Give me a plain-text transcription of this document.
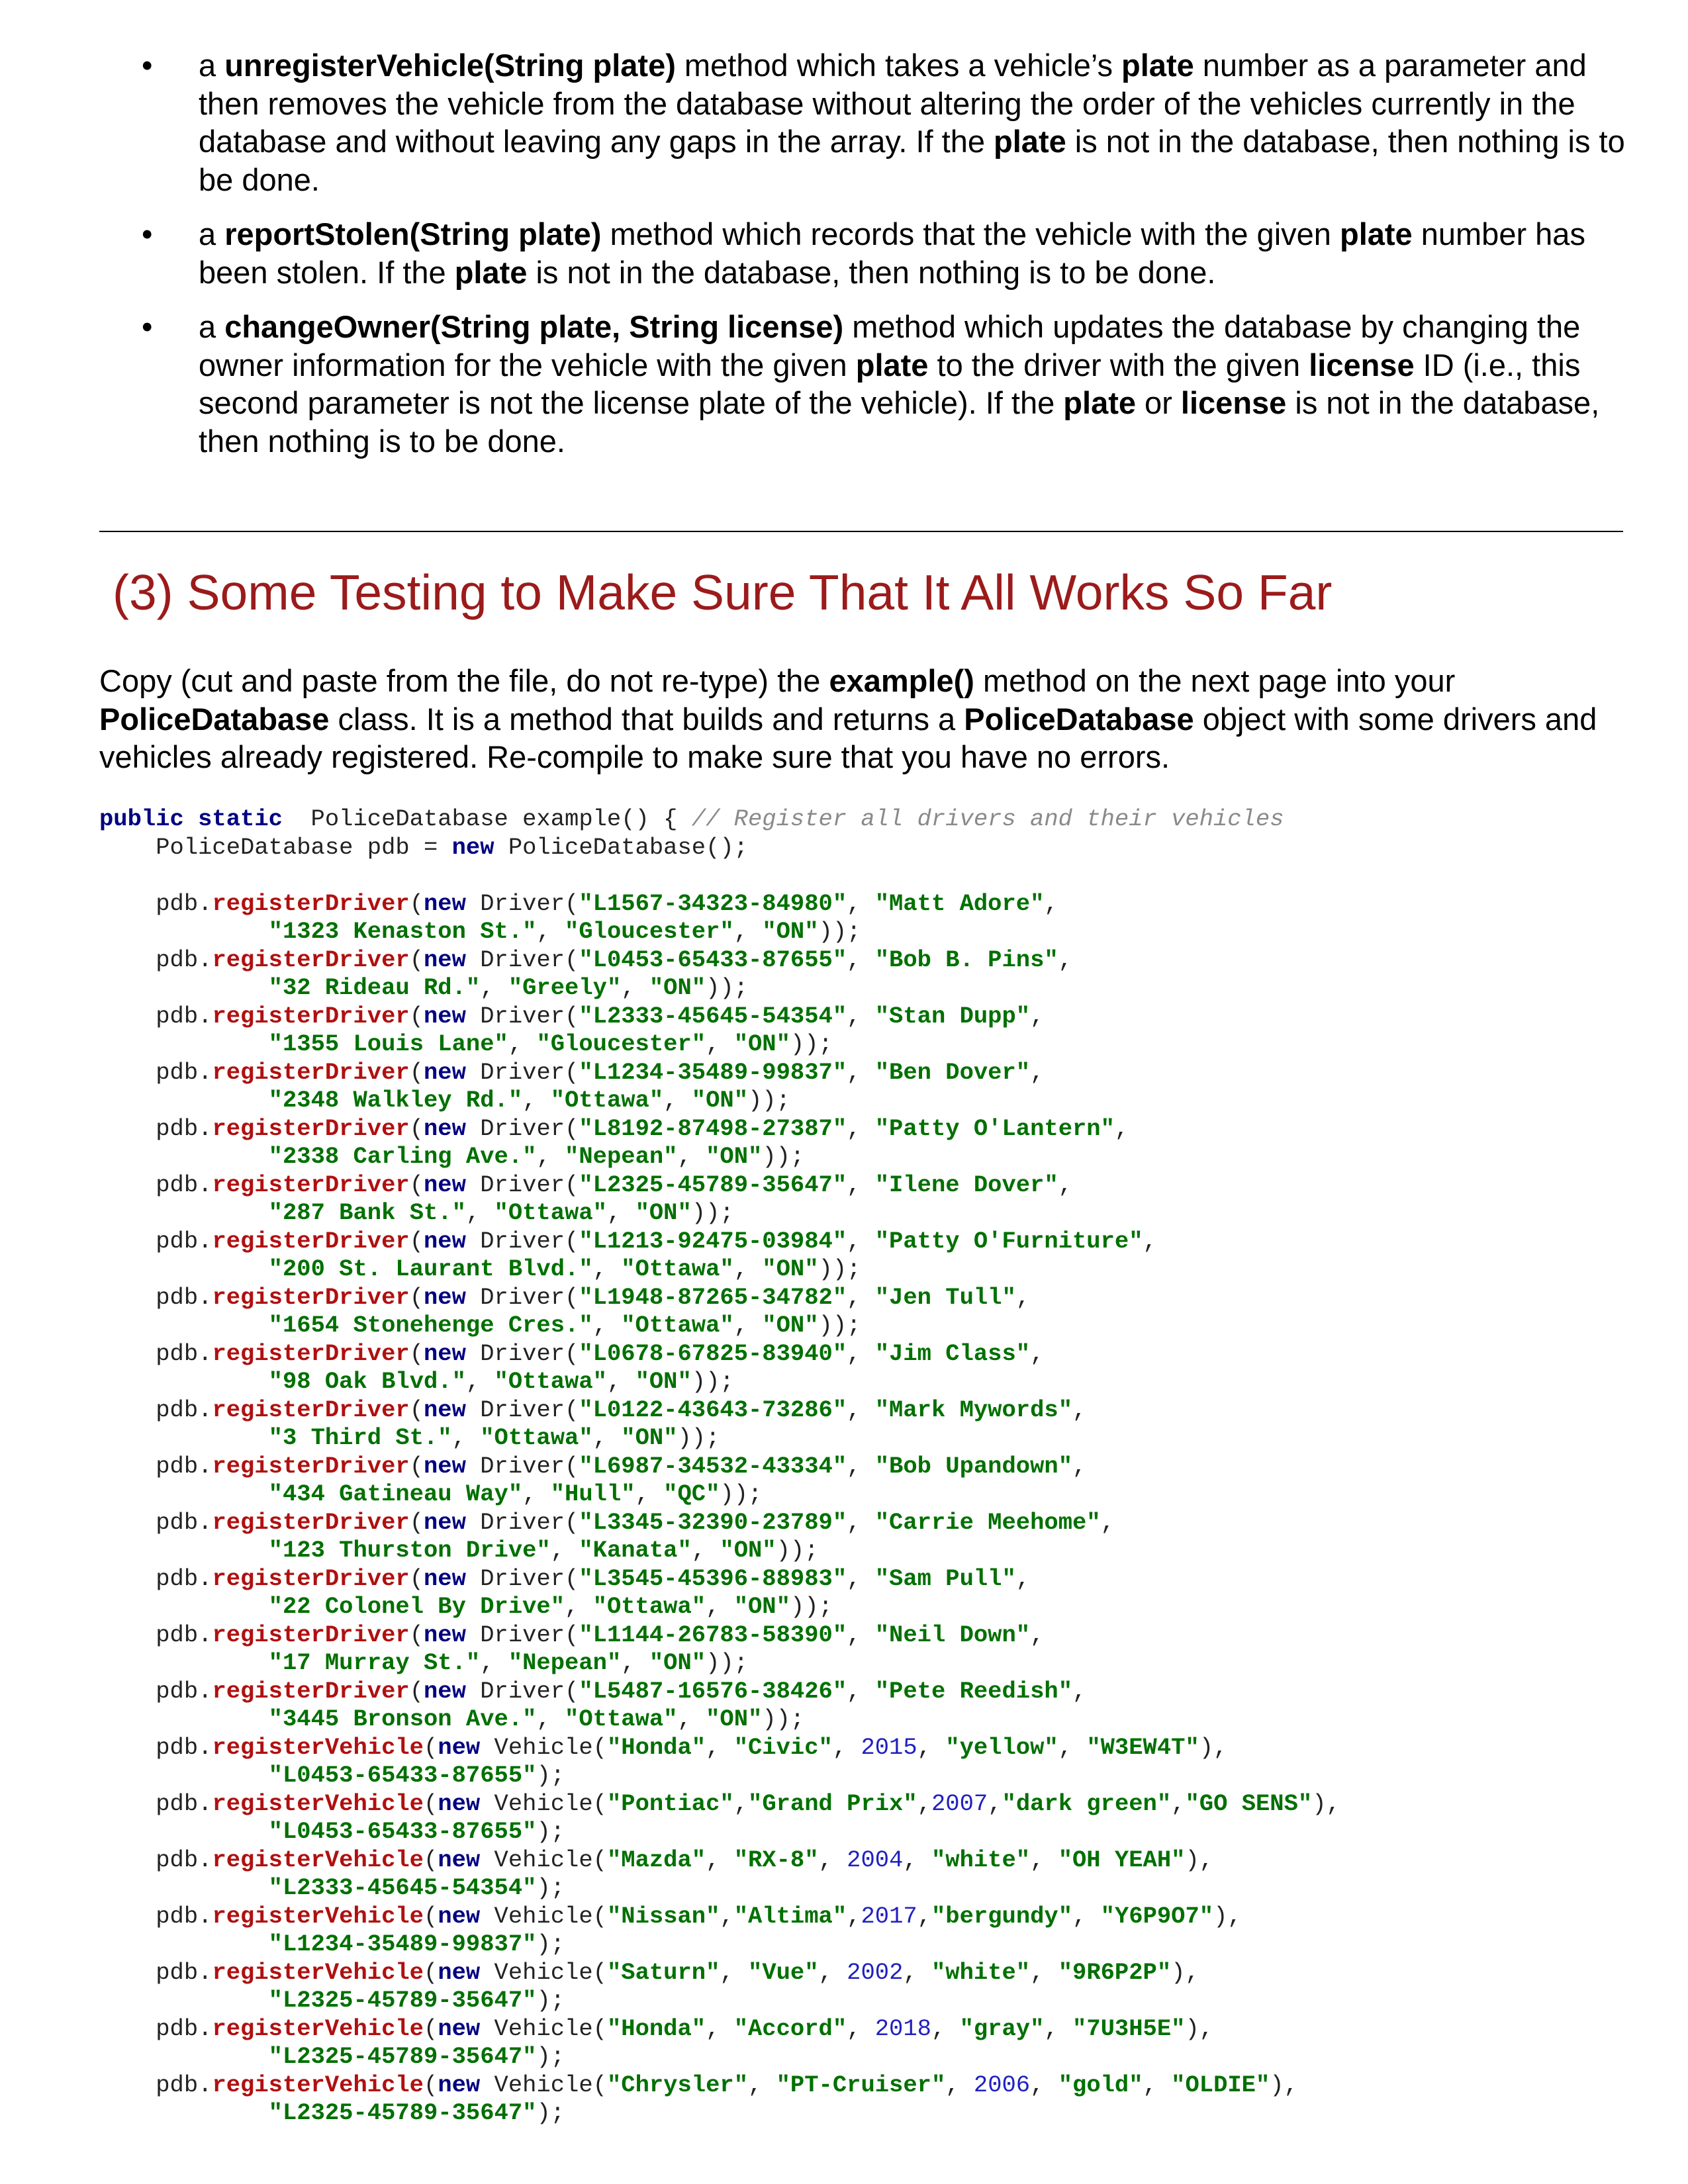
• a unregisterVehicle(String plate) method which takes a vehicle’s plate number as a parameter and then removes the vehicle from the database without altering the order of the vehicles currently in the database and without leaving any gaps in the array. If the plate is not in the database, then nothing is to be done.
• a reportStolen(String plate) method which records that the vehicle with the given plate number has been stolen. If the plate is not in the database, then nothing is to be done.
• a changeOwner(String plate, String license) method which updates the database by changing the owner information for the vehicle with the given plate to the driver with the given license ID (i.e., this second parameter is not the license plate of the vehicle). If the plate or license is not in the database, then nothing is to be done.
(3) Some Testing to Make Sure That It All Works So Far
Copy (cut and paste from the file, do not re-type) the example() method on the next page into your PoliceDatabase class. It is a method that builds and returns a PoliceDatabase object with some drivers and vehicles already registered. Re-compile to make sure that you have no errors.
public static  PoliceDatabase example() { // Register all drivers and their vehicles
PoliceDatabase pdb = new PoliceDatabase();

pdb.registerDriver(new Driver("L1567-34323-84980", "Matt Adore",
"1323 Kenaston St.", "Gloucester", "ON"));
pdb.registerDriver(new Driver("L0453-65433-87655", "Bob B. Pins",
"32 Rideau Rd.", "Greely", "ON"));
pdb.registerDriver(new Driver("L2333-45645-54354", "Stan Dupp",
"1355 Louis Lane", "Gloucester", "ON"));
pdb.registerDriver(new Driver("L1234-35489-99837", "Ben Dover",
"2348 Walkley Rd.", "Ottawa", "ON"));
pdb.registerDriver(new Driver("L8192-87498-27387", "Patty O'Lantern",
"2338 Carling Ave.", "Nepean", "ON"));
pdb.registerDriver(new Driver("L2325-45789-35647", "Ilene Dover",
"287 Bank St.", "Ottawa", "ON"));
pdb.registerDriver(new Driver("L1213-92475-03984", "Patty O'Furniture",
"200 St. Laurant Blvd.", "Ottawa", "ON"));
pdb.registerDriver(new Driver("L1948-87265-34782", "Jen Tull",
"1654 Stonehenge Cres.", "Ottawa", "ON"));
pdb.registerDriver(new Driver("L0678-67825-83940", "Jim Class",
"98 Oak Blvd.", "Ottawa", "ON"));
pdb.registerDriver(new Driver("L0122-43643-73286", "Mark Mywords",
"3 Third St.", "Ottawa", "ON"));
pdb.registerDriver(new Driver("L6987-34532-43334", "Bob Upandown",
"434 Gatineau Way", "Hull", "QC"));
pdb.registerDriver(new Driver("L3345-32390-23789", "Carrie Meehome",
"123 Thurston Drive", "Kanata", "ON"));
pdb.registerDriver(new Driver("L3545-45396-88983", "Sam Pull",
"22 Colonel By Drive", "Ottawa", "ON"));
pdb.registerDriver(new Driver("L1144-26783-58390", "Neil Down",
"17 Murray St.", "Nepean", "ON"));
pdb.registerDriver(new Driver("L5487-16576-38426", "Pete Reedish",
"3445 Bronson Ave.", "Ottawa", "ON"));
pdb.registerVehicle(new Vehicle("Honda", "Civic", 2015, "yellow", "W3EW4T"),
"L0453-65433-87655");
pdb.registerVehicle(new Vehicle("Pontiac","Grand Prix",2007,"dark green","GO SENS"),
"L0453-65433-87655");
pdb.registerVehicle(new Vehicle("Mazda", "RX-8", 2004, "white", "OH YEAH"),
"L2333-45645-54354");
pdb.registerVehicle(new Vehicle("Nissan","Altima",2017,"bergundy", "Y6P9O7"),
"L1234-35489-99837");
pdb.registerVehicle(new Vehicle("Saturn", "Vue", 2002, "white", "9R6P2P"),
"L2325-45789-35647");
pdb.registerVehicle(new Vehicle("Honda", "Accord", 2018, "gray", "7U3H5E"),
"L2325-45789-35647");
pdb.registerVehicle(new Vehicle("Chrysler", "PT-Cruiser", 2006, "gold", "OLDIE"),
"L2325-45789-35647");
